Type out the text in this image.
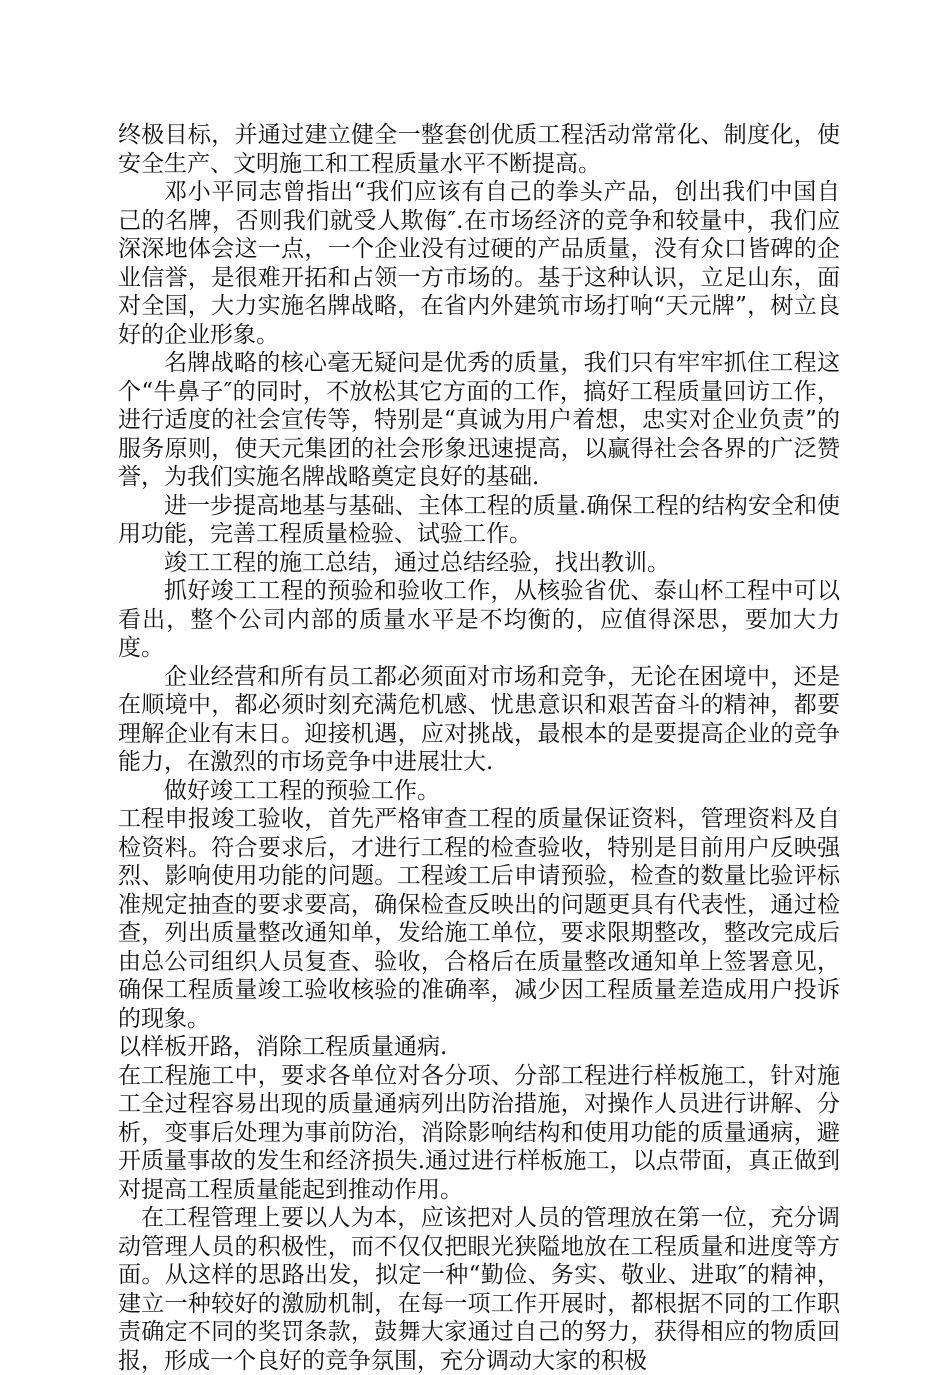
终极目标，并通过建立健全一整套创优质工程活动常常化、制度化，使安全生产、文明施工和工程质量水平不断提高。

邓小平同志曾指出“我们应该有自己的拳头产品，创出我们中国自己的名牌，否则我们就受人欺侮″.在市场经济的竞争和较量中，我们应深深地体会这一点，一个企业没有过硬的产品质量，没有众口皆碑的企业信誉，是很难开拓和占领一方市场的。基于这种认识，立足山东，面对全国，大力实施名牌战略，在省内外建筑市场打响“天元牌”，树立良好的企业形象。

名牌战略的核心毫无疑问是优秀的质量，我们只有牢牢抓住工程这个“牛鼻子″的同时，不放松其它方面的工作，搞好工程质量回访工作，进行适度的社会宣传等，特别是“真诚为用户着想，忠实对企业负责”的服务原则，使天元集团的社会形象迅速提高，以赢得社会各界的广泛赞誉，为我们实施名牌战略奠定良好的基础.

进一步提高地基与基础、主体工程的质量.确保工程的结构安全和使用功能，完善工程质量检验、试验工作。

竣工工程的施工总结，通过总结经验，找出教训。

抓好竣工工程的预验和验收工作，从核验省优、泰山杯工程中可以看出，整个公司内部的质量水平是不均衡的，应值得深思，要加大力度。

企业经营和所有员工都必须面对市场和竞争，无论在困境中，还是在顺境中，都必须时刻充满危机感、忧患意识和艰苦奋斗的精神，都要理解企业有末日。迎接机遇，应对挑战，最根本的是要提高企业的竞争能力，在激烈的市场竞争中进展壮大.

做好竣工工程的预验工作。

工程申报竣工验收，首先严格审查工程的质量保证资料，管理资料及自检资料。符合要求后，才进行工程的检查验收，特别是目前用户反映强烈、影响使用功能的问题。工程竣工后申请预验，检查的数量比验评标准规定抽查的要求要高，确保检查反映出的问题更具有代表性，通过检查，列出质量整改通知单，发给施工单位，要求限期整改，整改完成后由总公司组织人员复查、验收，合格后在质量整改通知单上签署意见，确保工程质量竣工验收核验的准确率，减少因工程质量差造成用户投诉的现象。

以样板开路，消除工程质量通病.

在工程施工中，要求各单位对各分项、分部工程进行样板施工，针对施工全过程容易出现的质量通病列出防治措施，对操作人员进行讲解、分析，变事后处理为事前防治，消除影响结构和使用功能的质量通病，避开质量事故的发生和经济损失.通过进行样板施工，以点带面，真正做到对提高工程质量能起到推动作用。

在工程管理上要以人为本，应该把对人员的管理放在第一位，充分调动管理人员的积极性，而不仅仅把眼光狭隘地放在工程质量和进度等方面。从这样的思路出发，拟定一种“勤俭、务实、敬业、进取″的精神，建立一种较好的激励机制，在每一项工作开展时，都根据不同的工作职责确定不同的奖罚条款，鼓舞大家通过自己的努力，获得相应的物质回报，形成一个良好的竞争氛围，充分调动大家的积极
